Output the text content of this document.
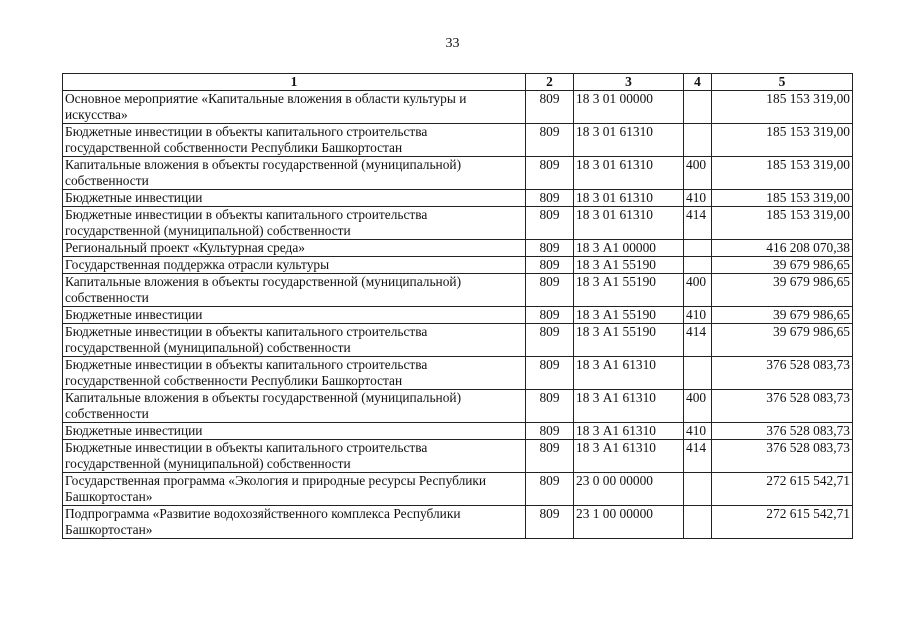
33
1	2	3	4	5
Основное мероприятие «Капитальные вложения в области культуры и искусства»	809	18 3 01 00000		185 153 319,00
Бюджетные инвестиции в объекты капитального строительства государственной собственности Республики Башкортостан	809	18 3 01 61310		185 153 319,00
Капитальные вложения в объекты государственной (муниципальной) собственности	809	18 3 01 61310	400	185 153 319,00
Бюджетные инвестиции	809	18 3 01 61310	410	185 153 319,00
Бюджетные инвестиции в объекты капитального строительства государственной (муниципальной) собственности	809	18 3 01 61310	414	185 153 319,00
Региональный проект «Культурная среда»	809	18 3 А1 00000		416 208 070,38
Государственная поддержка отрасли культуры	809	18 3 А1 55190		39 679 986,65
Капитальные вложения в объекты государственной (муниципальной) собственности	809	18 3 А1 55190	400	39 679 986,65
Бюджетные инвестиции	809	18 3 А1 55190	410	39 679 986,65
Бюджетные инвестиции в объекты капитального строительства государственной (муниципальной) собственности	809	18 3 А1 55190	414	39 679 986,65
Бюджетные инвестиции в объекты капитального строительства государственной собственности Республики Башкортостан	809	18 3 А1 61310		376 528 083,73
Капитальные вложения в объекты государственной (муниципальной) собственности	809	18 3 А1 61310	400	376 528 083,73
Бюджетные инвестиции	809	18 3 А1 61310	410	376 528 083,73
Бюджетные инвестиции в объекты капитального строительства государственной (муниципальной) собственности	809	18 3 А1 61310	414	376 528 083,73
Государственная программа «Экология и природные ресурсы Республики Башкортостан»	809	23 0 00 00000		272 615 542,71
Подпрограмма «Развитие водохозяйственного комплекса Республики Башкортостан»	809	23 1 00 00000		272 615 542,71
